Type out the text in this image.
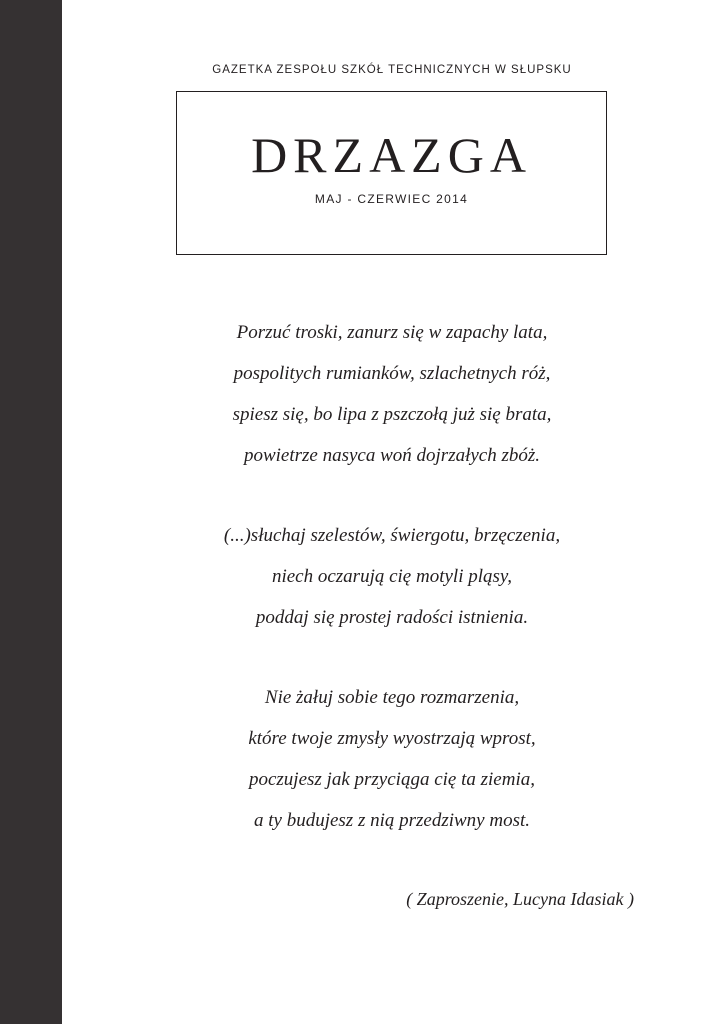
GAZETKA ZESPOŁU SZKÓŁ TECHNICZNYCH W SŁUPSKU
DRZAZGA
MAJ - CZERWIEC 2014
Porzuć troski, zanurz się w zapachy lata,
pospolitych rumianków, szlachetnych róż,
spiesz się, bo lipa z pszczołą już się brata,
powietrze nasyca woń dojrzałych zbóż.
(...)słuchaj szelestów, świergotu, brzęczenia,
niech oczarują cię motyli pląsy,
poddaj się prostej radości istnienia.
Nie żałuj sobie tego rozmarzenia,
które twoje zmysły wyostrzają wprost,
poczujesz jak przyciąga cię ta ziemia,
a ty budujesz z nią przedziwny most.
( Zaproszenie, Lucyna Idasiak )
